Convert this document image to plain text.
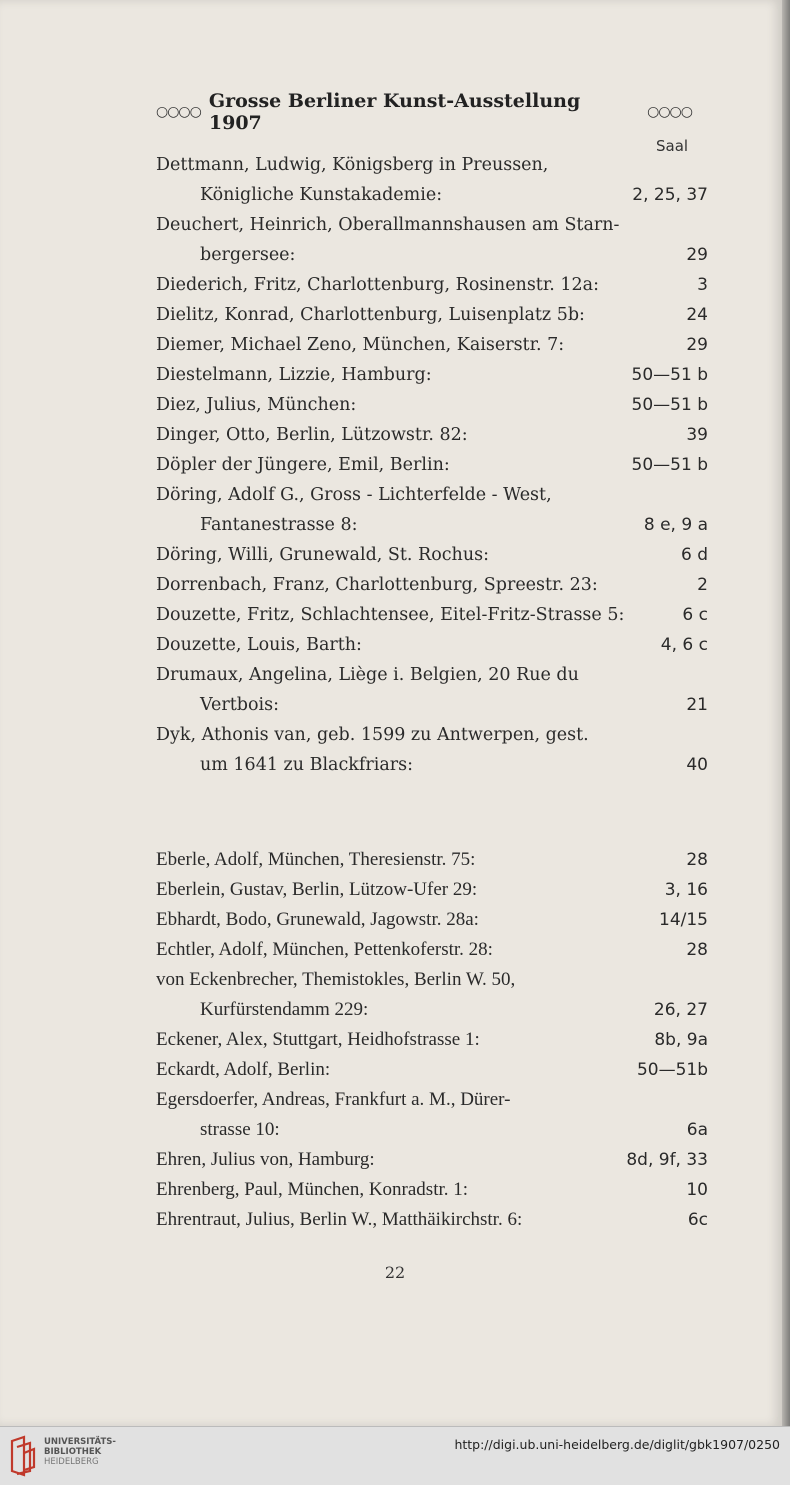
○○○○ Grosse Berliner Kunst-Ausstellung 1907	○○○○
Saal
Dettmann, Ludwig, Königsberg in Preussen,
Königliche Kunstakademie:	2, 25, 37
Deuchert, Heinrich, Oberallmannshausen am Starn-
bergersee:	29
Diederich, Fritz, Charlottenburg, Rosinenstr. 12a:	3
Dielitz, Konrad, Charlottenburg, Luisenplatz 5b:	24
Diemer, Michael Zeno, München, Kaiserstr. 7:	29
Diestelmann, Lizzie, Hamburg:	50—51 b
Diez, Julius, München:	50—51 b
Dinger, Otto, Berlin, Lützowstr. 82:	39
Döpler der Jüngere, Emil, Berlin:	50—51 b
Döring, Adolf G., Gross - Lichterfelde - West,
Fantanestrasse 8:	8 e, 9 a
Döring, Willi, Grunewald, St. Rochus:	6 d
Dorrenbach, Franz, Charlottenburg, Spreestr. 23:	2
Douzette, Fritz, Schlachtensee, Eitel-Fritz-Strasse 5:	6 c
Douzette, Louis, Barth:	4, 6 c
Drumaux, Angelina, Liège i. Belgien, 20 Rue du
Vertbois:	21
Dyk, Athonis van, geb. 1599 zu Antwerpen, gest.
um 1641 zu Blackfriars:	40
Eberle, Adolf, München, Theresienstr. 75:	28
Eberlein, Gustav, Berlin, Lützow-Ufer 29:	3, 16
Ebhardt, Bodo, Grunewald, Jagowstr. 28a:	14/15
Echtler, Adolf, München, Pettenkoferstr. 28:	28
von Eckenbrecher, Themistokles, Berlin W. 50,
Kurfürstendamm 229:	26, 27
Eckener, Alex, Stuttgart, Heidhofstrasse 1:	8b, 9a
Eckardt, Adolf, Berlin:	50—51b
Egersdoerfer, Andreas, Frankfurt a. M., Dürer-
strasse 10:	6a
Ehren, Julius von, Hamburg:	8d, 9f, 33
Ehrenberg, Paul, München, Konradstr. 1:	10
Ehrentraut, Julius, Berlin W., Matthäikirchstr. 6:	6c
22
UNIVERSITÄTS-
BIBLIOTHEK
HEIDELBERG
http://digi.ub.uni-heidelberg.de/diglit/gbk1907/0250
